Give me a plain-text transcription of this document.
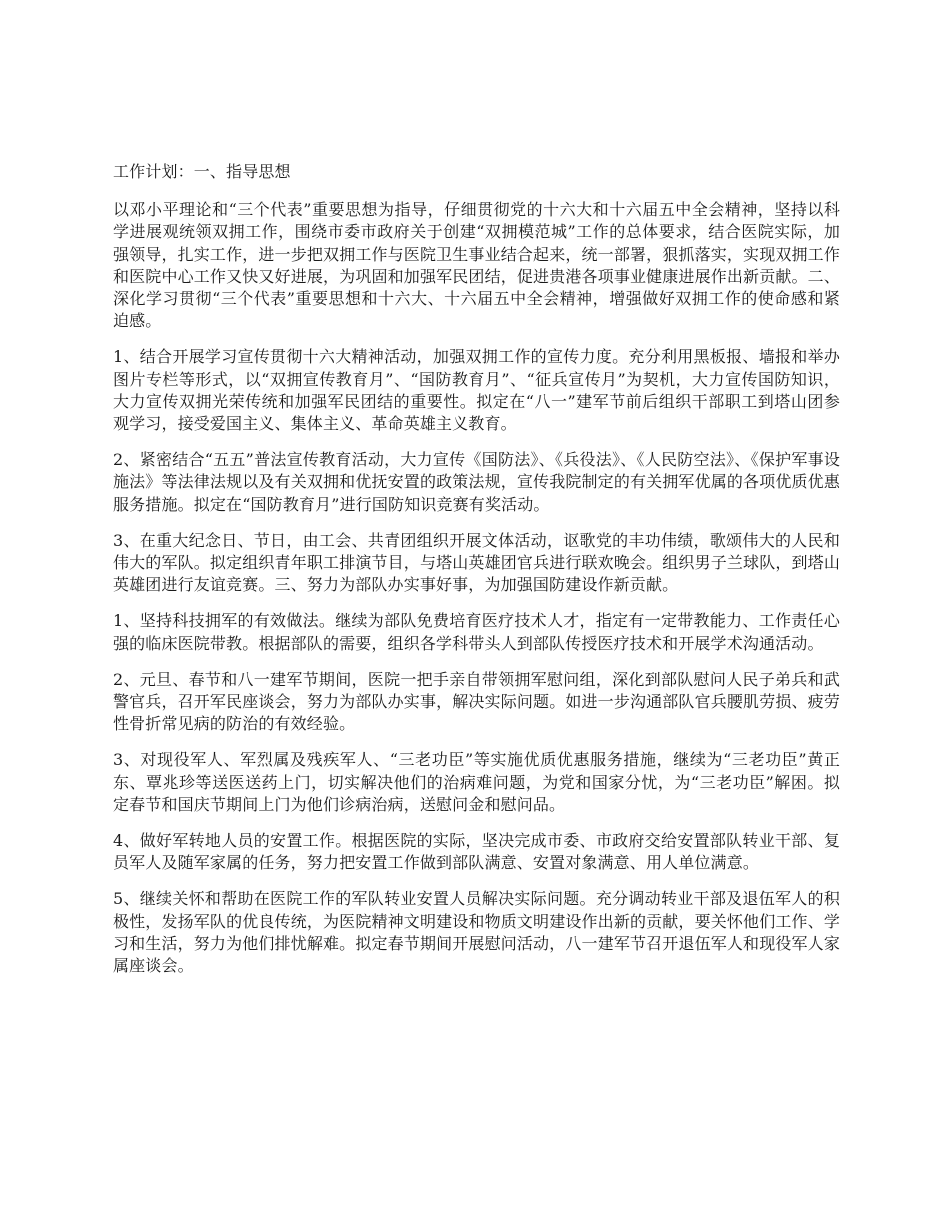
工作计划：一、指导思想

以邓小平理论和“三个代表”重要思想为指导，仔细贯彻党的十六大和十六届五中全会精神，坚持以科学进展观统领双拥工作，围绕市委市政府关于创建“双拥模范城”工作的总体要求，结合医院实际，加强领导，扎实工作，进一步把双拥工作与医院卫生事业结合起来，统一部署，狠抓落实，实现双拥工作和医院中心工作又快又好进展，为巩固和加强军民团结，促进贵港各项事业健康进展作出新贡献。二、深化学习贯彻“三个代表”重要思想和十六大、十六届五中全会精神，增强做好双拥工作的使命感和紧迫感。

1、结合开展学习宣传贯彻十六大精神活动，加强双拥工作的宣传力度。充分利用黑板报、墙报和举办图片专栏等形式，以“双拥宣传教育月”、“国防教育月”、“征兵宣传月”为契机，大力宣传国防知识，大力宣传双拥光荣传统和加强军民团结的重要性。拟定在“八一”建军节前后组织干部职工到塔山团参观学习，接受爱国主义、集体主义、革命英雄主义教育。

2、紧密结合“五五”普法宣传教育活动，大力宣传《国防法》、《兵役法》、《人民防空法》、《保护军事设施法》等法律法规以及有关双拥和优抚安置的政策法规，宣传我院制定的有关拥军优属的各项优质优惠服务措施。拟定在“国防教育月”进行国防知识竞赛有奖活动。

3、在重大纪念日、节日，由工会、共青团组织开展文体活动，讴歌党的丰功伟绩，歌颂伟大的人民和伟大的军队。拟定组织青年职工排演节目，与塔山英雄团官兵进行联欢晚会。组织男子兰球队，到塔山英雄团进行友谊竞赛。三、努力为部队办实事好事，为加强国防建设作新贡献。

1、坚持科技拥军的有效做法。继续为部队免费培育医疗技术人才，指定有一定带教能力、工作责任心强的临床医院带教。根据部队的需要，组织各学科带头人到部队传授医疗技术和开展学术沟通活动。

2、元旦、春节和八一建军节期间，医院一把手亲自带领拥军慰问组，深化到部队慰问人民子弟兵和武警官兵，召开军民座谈会，努力为部队办实事，解决实际问题。如进一步沟通部队官兵腰肌劳损、疲劳性骨折常见病的防治的有效经验。

3、对现役军人、军烈属及残疾军人、“三老功臣”等实施优质优惠服务措施，继续为“三老功臣”黄正东、覃兆珍等送医送药上门，切实解决他们的治病难问题，为党和国家分忧，为“三老功臣”解困。拟定春节和国庆节期间上门为他们诊病治病，送慰问金和慰问品。

4、做好军转地人员的安置工作。根据医院的实际，坚决完成市委、市政府交给安置部队转业干部、复员军人及随军家属的任务，努力把安置工作做到部队满意、安置对象满意、用人单位满意。

5、继续关怀和帮助在医院工作的军队转业安置人员解决实际问题。充分调动转业干部及退伍军人的积极性，发扬军队的优良传统，为医院精神文明建设和物质文明建设作出新的贡献，要关怀他们工作、学习和生活，努力为他们排忧解难。拟定春节期间开展慰问活动，八一建军节召开退伍军人和现役军人家属座谈会。
